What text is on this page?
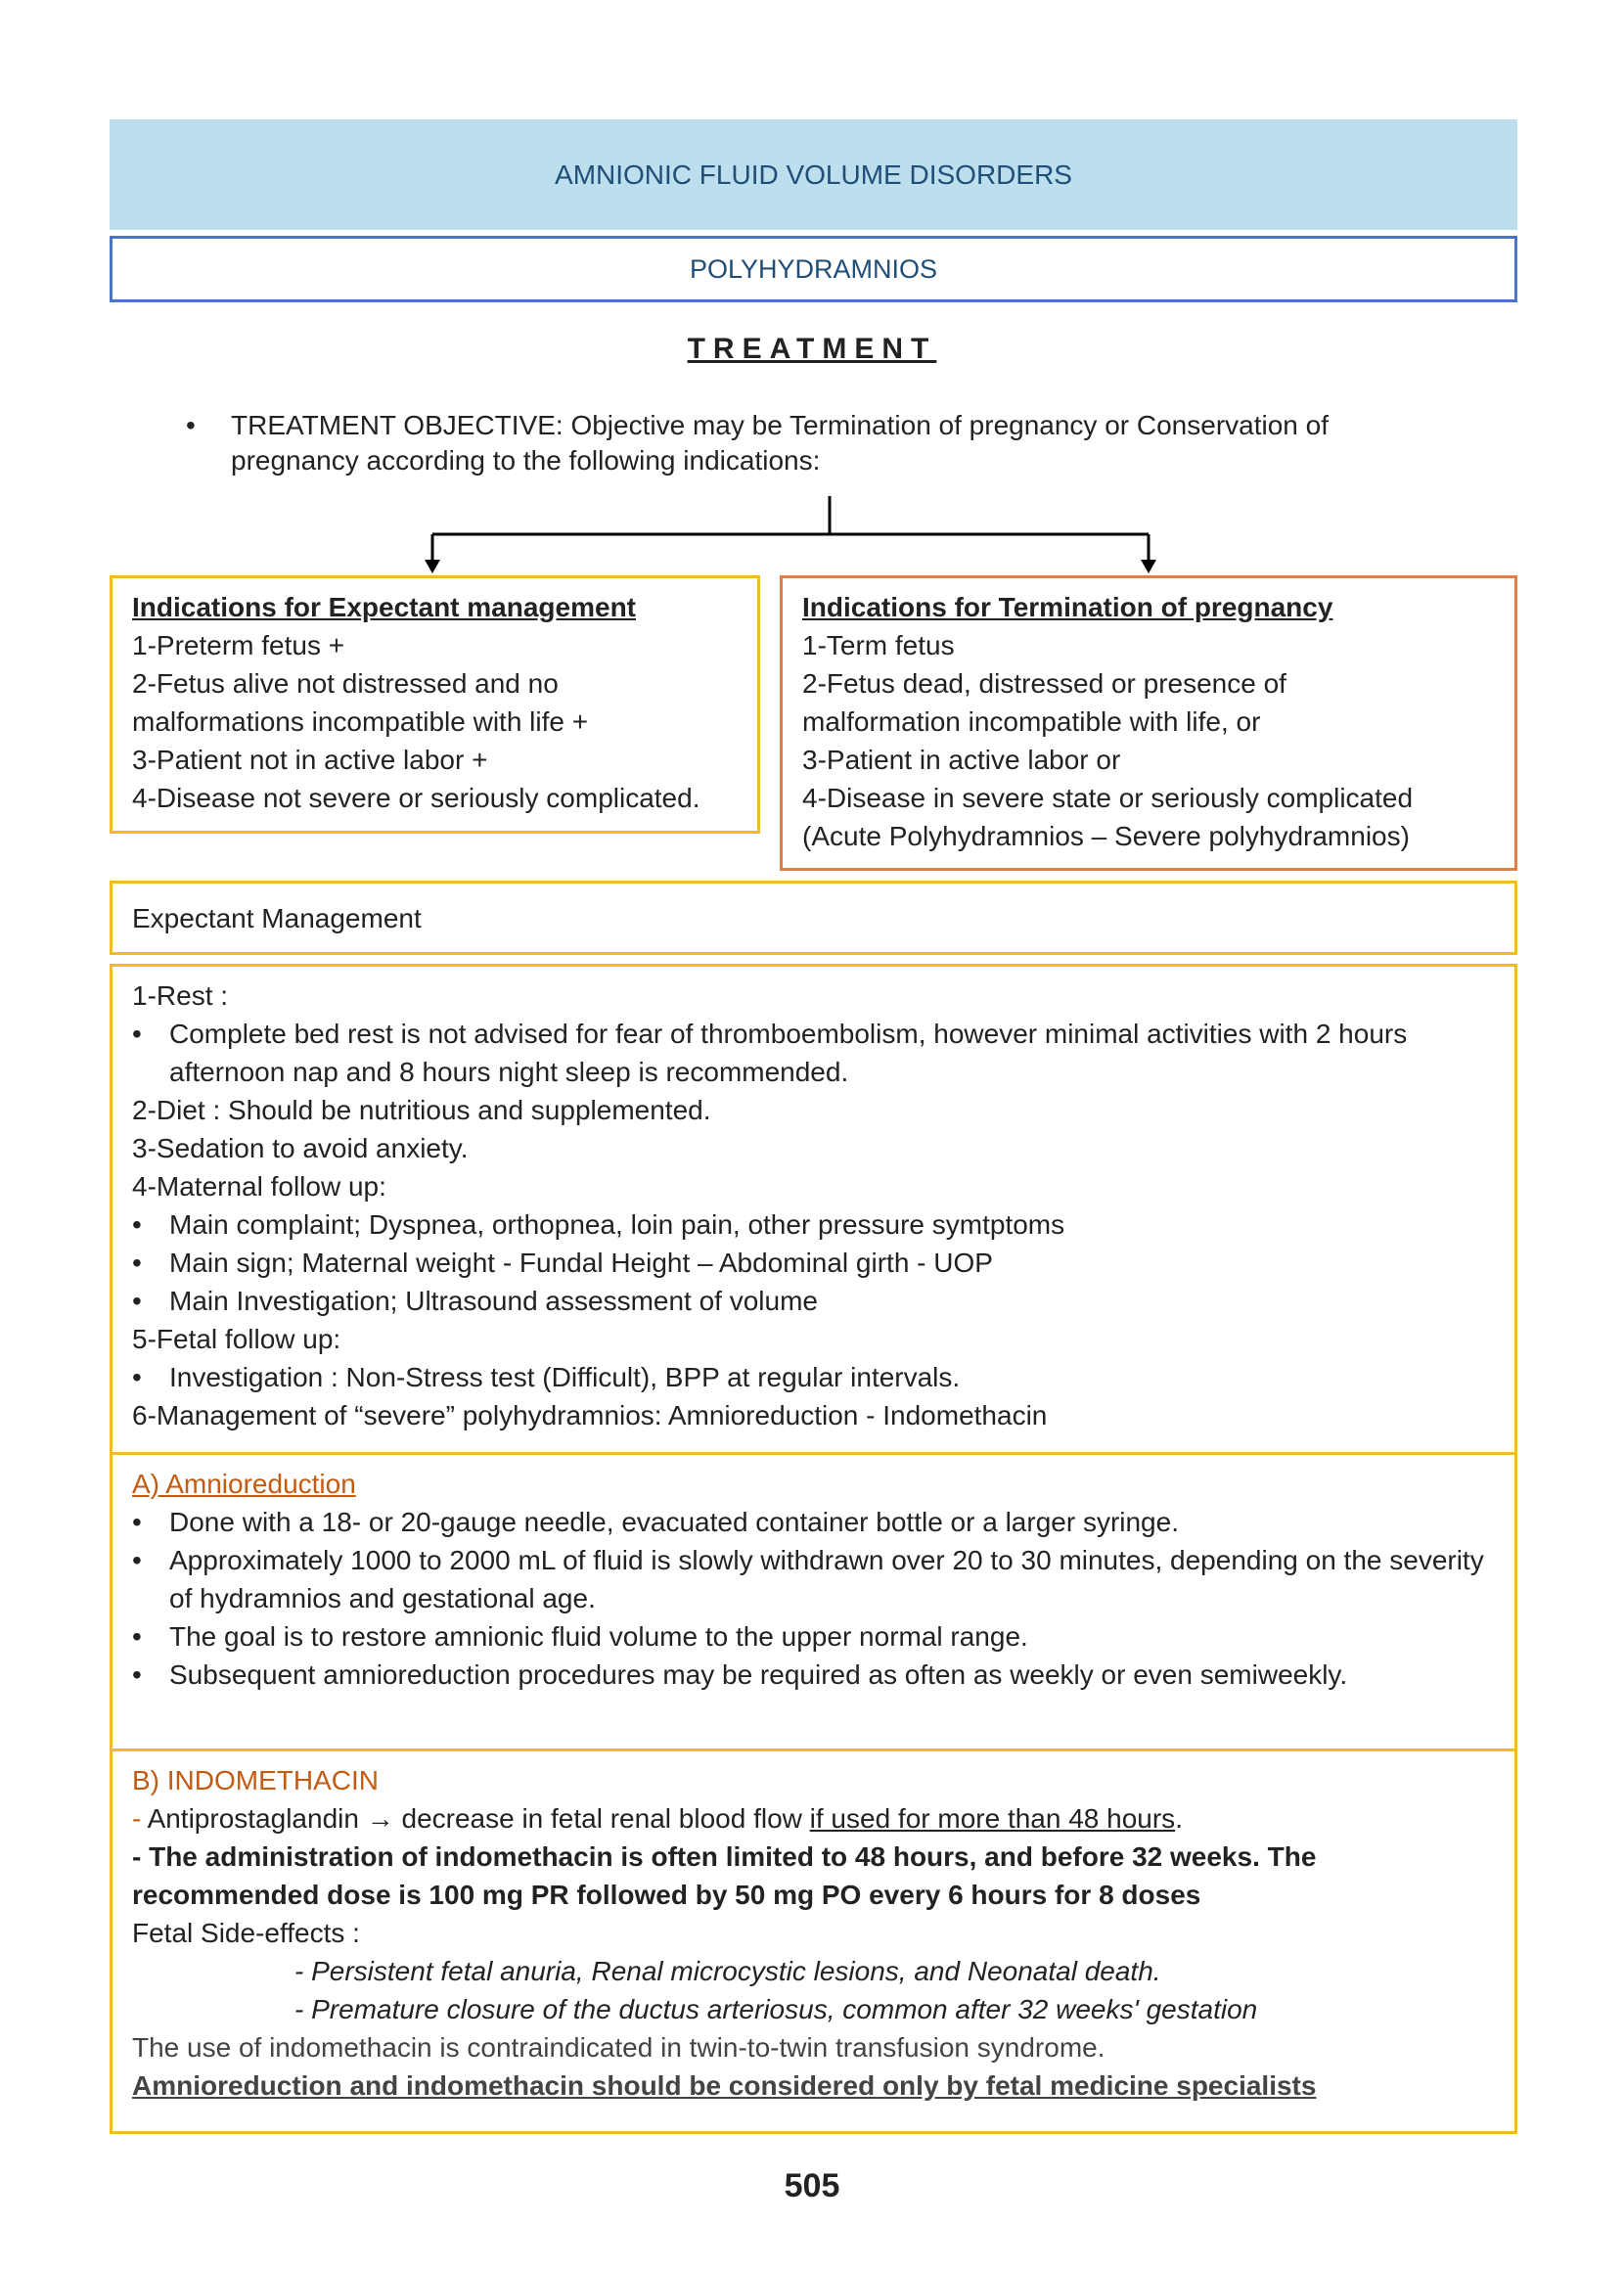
AMNIONIC FLUID VOLUME DISORDERS
POLYHYDRAMNIOS
TREATMENT
• TREATMENT OBJECTIVE: Objective may be Termination of pregnancy or Conservation of pregnancy according to the following indications:
Indications for Expectant management
1-Preterm fetus +
2-Fetus alive not distressed and no
malformations incompatible with life +
3-Patient not in active labor +
4-Disease not severe or seriously complicated.
Indications for Termination of pregnancy
1-Term fetus
2-Fetus dead, distressed or presence of
malformation incompatible with life, or
3-Patient in active labor or
4-Disease in severe state or seriously complicated
(Acute Polyhydramnios – Severe polyhydramnios)
Expectant Management
1-Rest :
• Complete bed rest is not advised for fear of thromboembolism, however minimal activities with 2 hours afternoon nap and 8 hours night sleep is recommended.
2-Diet : Should be nutritious and supplemented.
3-Sedation to avoid anxiety.
4-Maternal follow up:
• Main complaint; Dyspnea, orthopnea, loin pain, other pressure symtptoms
• Main sign; Maternal weight - Fundal Height – Abdominal girth - UOP
• Main Investigation; Ultrasound assessment of volume
5-Fetal follow up:
• Investigation : Non-Stress test (Difficult), BPP at regular intervals.
6-Management of “severe” polyhydramnios: Amnioreduction - Indomethacin
A) Amnioreduction
• Done with a 18- or 20-gauge needle, evacuated container bottle or a larger syringe.
• Approximately 1000 to 2000 mL of fluid is slowly withdrawn over 20 to 30 minutes, depending on the severity of hydramnios and gestational age.
• The goal is to restore amnionic fluid volume to the upper normal range.
• Subsequent amnioreduction procedures may be required as often as weekly or even semiweekly.
B) INDOMETHACIN
- Antiprostaglandin → decrease in fetal renal blood flow if used for more than 48 hours.
- The administration of indomethacin is often limited to 48 hours, and before 32 weeks. The recommended dose is 100 mg PR followed by 50 mg PO every 6 hours for 8 doses
Fetal Side-effects :
- Persistent fetal anuria, Renal microcystic lesions, and Neonatal death.
- Premature closure of the ductus arteriosus, common after 32 weeks' gestation
The use of indomethacin is contraindicated in twin-to-twin transfusion syndrome.
Amnioreduction and indomethacin should be considered only by fetal medicine specialists
505
